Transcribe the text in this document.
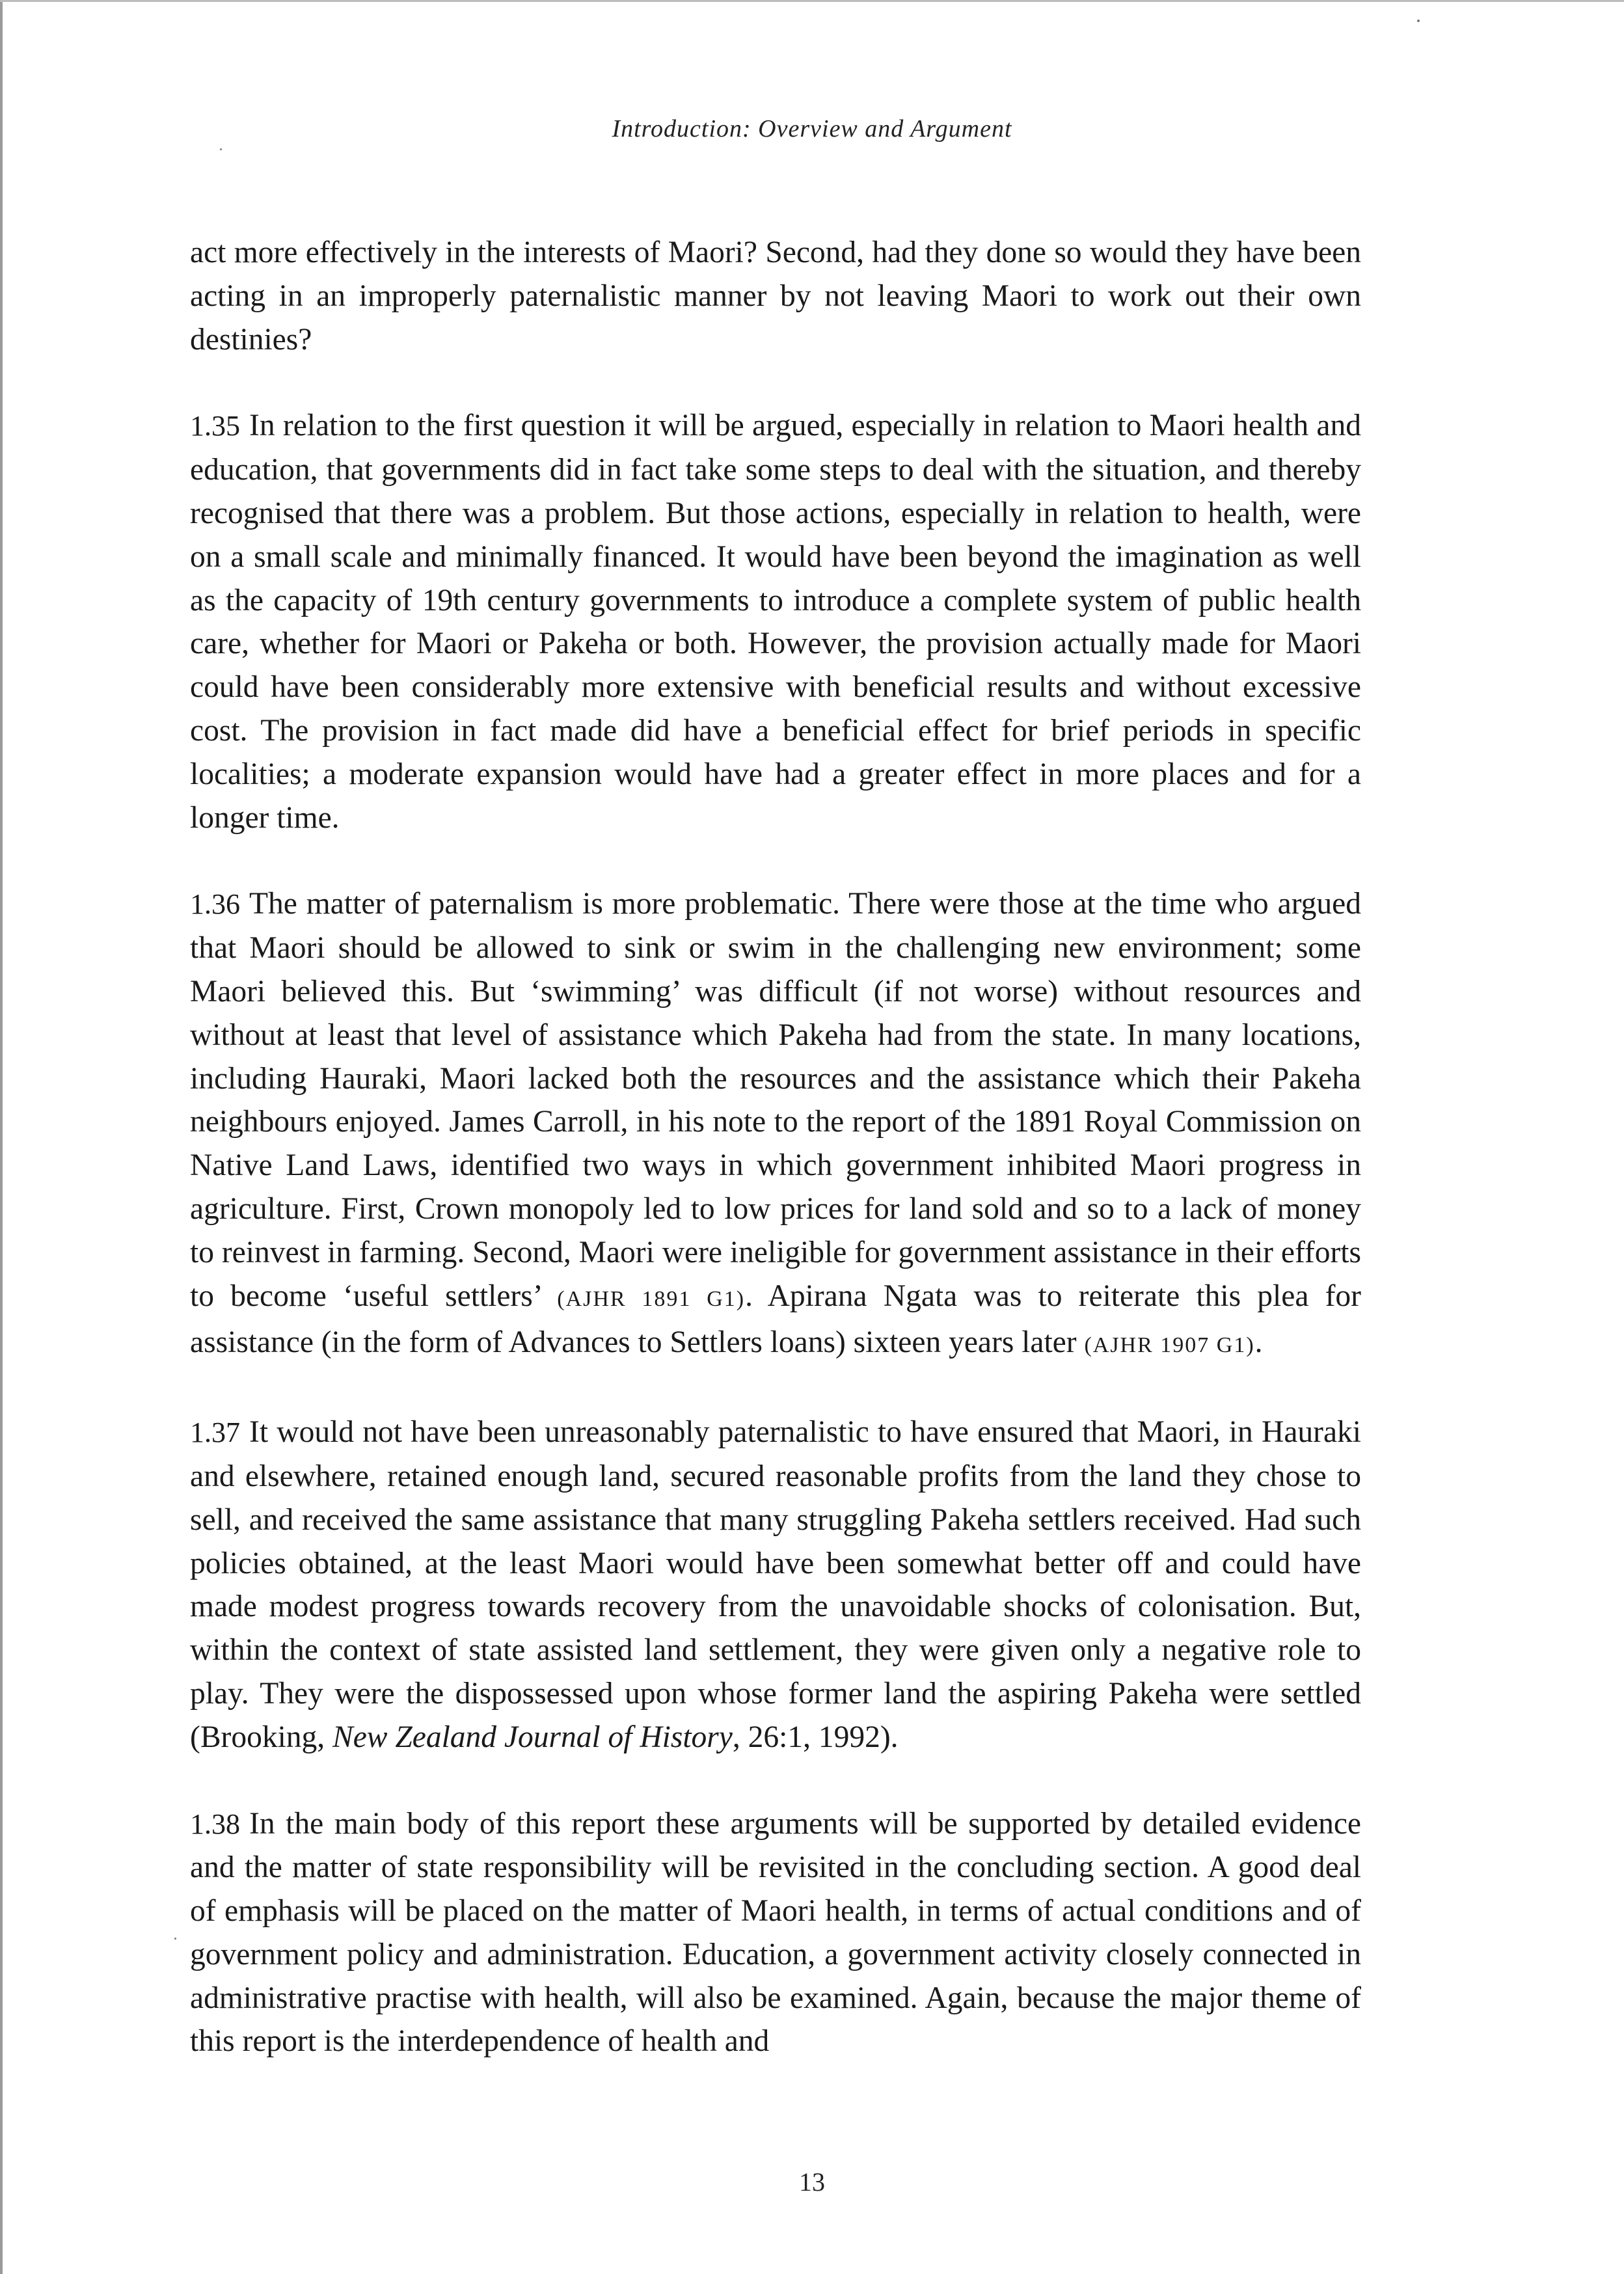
Introduction: Overview and Argument

act more effectively in the interests of Maori? Second, had they done so would they have been acting in an improperly paternalistic manner by not leaving Maori to work out their own destinies?

1.35 In relation to the first question it will be argued, especially in relation to Maori health and education, that governments did in fact take some steps to deal with the situation, and thereby recognised that there was a problem. But those actions, especially in relation to health, were on a small scale and minimally financed. It would have been beyond the imagination as well as the capacity of 19th century governments to introduce a complete system of public health care, whether for Maori or Pakeha or both. However, the provision actually made for Maori could have been considerably more extensive with beneficial results and without excessive cost. The provision in fact made did have a beneficial effect for brief periods in specific localities; a moderate expansion would have had a greater effect in more places and for a longer time.

1.36 The matter of paternalism is more problematic. There were those at the time who argued that Maori should be allowed to sink or swim in the challenging new environment; some Maori believed this. But ‘swimming’ was difficult (if not worse) without resources and without at least that level of assistance which Pakeha had from the state. In many locations, including Hauraki, Maori lacked both the resources and the assistance which their Pakeha neighbours enjoyed. James Carroll, in his note to the report of the 1891 Royal Commission on Native Land Laws, identified two ways in which government inhibited Maori progress in agriculture. First, Crown monopoly led to low prices for land sold and so to a lack of money to reinvest in farming. Second, Maori were ineligible for government assistance in their efforts to become ‘useful settlers’ (AJHR 1891 G1). Apirana Ngata was to reiterate this plea for assistance (in the form of Advances to Settlers loans) sixteen years later (AJHR 1907 G1).

1.37 It would not have been unreasonably paternalistic to have ensured that Maori, in Hauraki and elsewhere, retained enough land, secured reasonable profits from the land they chose to sell, and received the same assistance that many struggling Pakeha settlers received. Had such policies obtained, at the least Maori would have been somewhat better off and could have made modest progress towards recovery from the unavoidable shocks of colonisation. But, within the context of state assisted land settlement, they were given only a negative role to play. They were the dispossessed upon whose former land the aspiring Pakeha were settled (Brooking, New Zealand Journal of History, 26:1, 1992).

1.38 In the main body of this report these arguments will be supported by detailed evidence and the matter of state responsibility will be revisited in the concluding section. A good deal of emphasis will be placed on the matter of Maori health, in terms of actual conditions and of government policy and administration. Education, a government activity closely connected in administrative practise with health, will also be examined. Again, because the major theme of this report is the interdependence of health and

13
